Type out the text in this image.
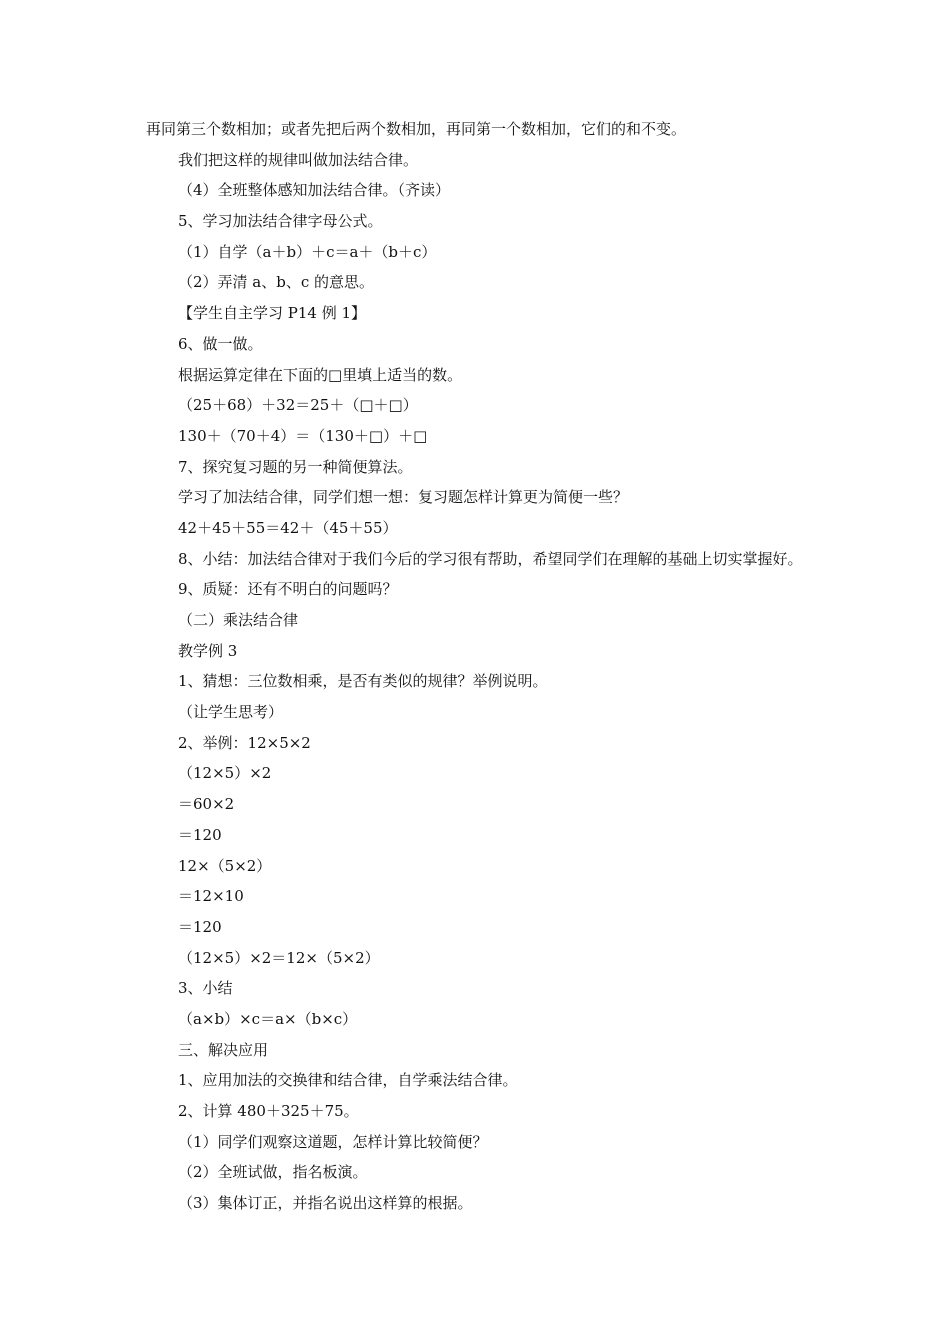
再同第三个数相加；或者先把后两个数相加，再同第一个数相加，它们的和不变。
我们把这样的规律叫做加法结合律。
（4）全班整体感知加法结合律。（齐读）
5、学习加法结合律字母公式。
（1）自学（a＋b）＋c＝a＋（b＋c）
（2）弄清 a、b、c 的意思。
【学生自主学习 P14 例 1】
6、做一做。
根据运算定律在下面的□里填上适当的数。
（25＋68）＋32＝25＋（□＋□）
130＋（70＋4）＝（130＋□）＋□
7、探究复习题的另一种简便算法。
学习了加法结合律，同学们想一想：复习题怎样计算更为简便一些？
42＋45＋55＝42＋（45＋55）
8、小结：加法结合律对于我们今后的学习很有帮助，希望同学们在理解的基础上切实掌握好。
9、质疑：还有不明白的问题吗？
（二）乘法结合律
教学例 3
1、猜想：三位数相乘，是否有类似的规律？举例说明。
（让学生思考）
2、举例：12×5×2
（12×5）×2
＝60×2
＝120
12×（5×2）
＝12×10
＝120
（12×5）×2＝12×（5×2）
3、小结
（a×b）×c＝a×（b×c）
三、解决应用
1、应用加法的交换律和结合律，自学乘法结合律。
2、计算 480＋325＋75。
（1）同学们观察这道题，怎样计算比较简便？
（2）全班试做，指名板演。
（3）集体订正，并指名说出这样算的根据。
